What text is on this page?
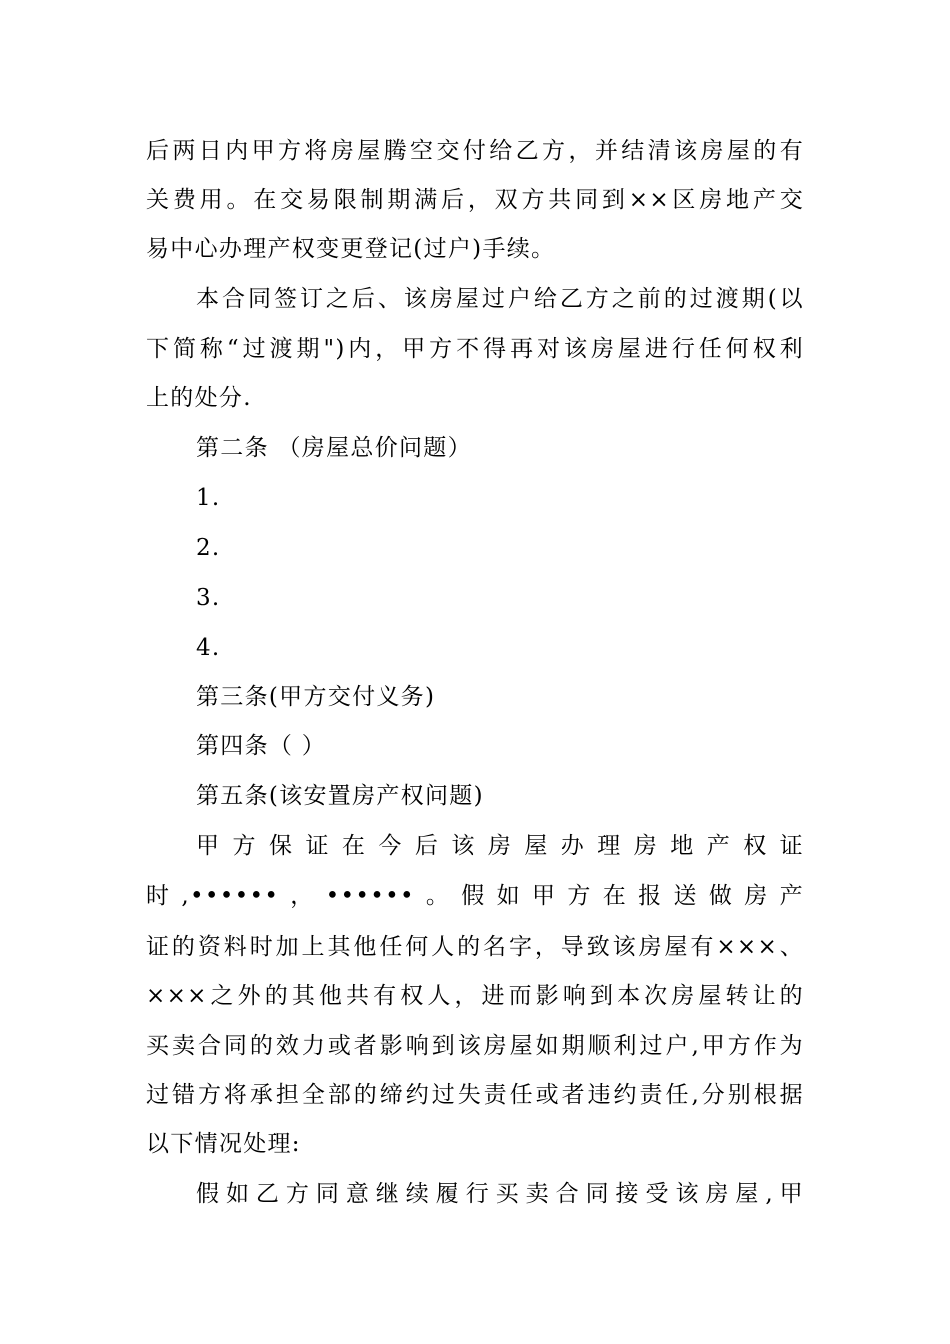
后两日内甲方将房屋腾空交付给乙方，并结清该房屋的有
关费用。在交易限制期满后，双方共同到××区房地产交
易中心办理产权变更登记(过户)手续。
本合同签订之后、该房屋过户给乙方之前的过渡期(以
下简称“过渡期")内，甲方不得再对该房屋进行任何权利
上的处分.
第二条 （房屋总价问题）
1.
2.
3.
4.
第三条(甲方交付义务)
第四条（ ）
第五条(该安置房产权问题)
甲 方 保 证 在 今 后 该 房 屋 办 理 房 地 产 权 证
时,••••••，••••••。假如甲方在报送做房产
证的资料时加上其他任何人的名字，导致该房屋有×××、
×××之外的其他共有权人，进而影响到本次房屋转让的
买卖合同的效力或者影响到该房屋如期顺利过户,甲方作为
过错方将承担全部的缔约过失责任或者违约责任,分别根据
以下情况处理:
假如乙方同意继续履行买卖合同接受该房屋,甲
